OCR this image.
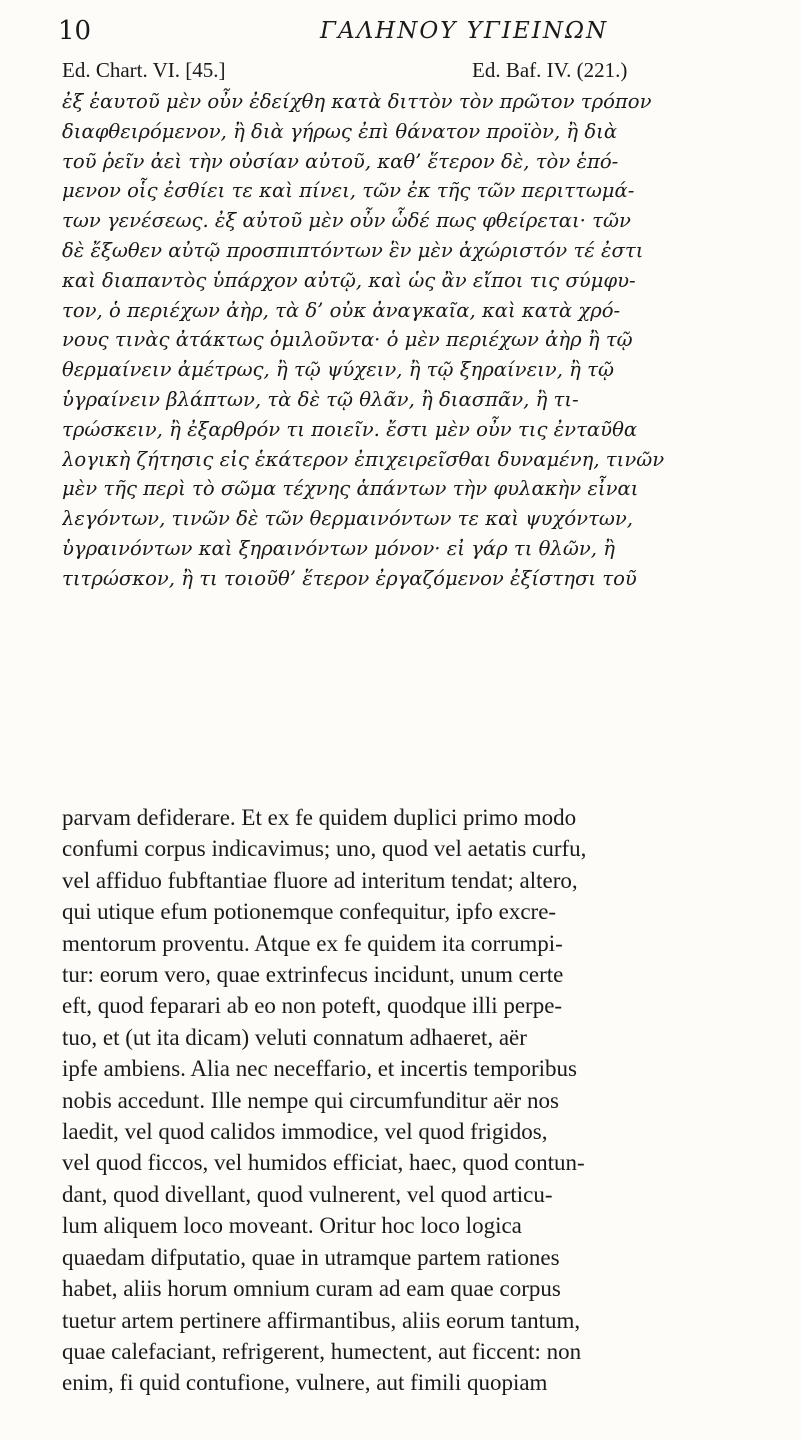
10	ΓΑΛΗΝΟΥ ΥΓΙΕΙΝΩΝ
Ed. Chart. VI. [45.]	Ed. Baf. IV. (221.)
ἐξ ἑαυτοῦ μὲν οὖν ἐδείχθη κατὰ διττὸν τὸν πρῶτον τρόπον
διαφθειρόμενον, ἢ διὰ γήρως ἐπὶ θάνατον προϊὸν, ἢ διὰ
τοῦ ῥεῖν ἀεὶ τὴν οὐσίαν αὐτοῦ, καθ’ ἕτερον δὲ, τὸν ἑπό-
μενον οἷς ἐσθίει τε καὶ πίνει, τῶν ἐκ τῆς τῶν περιττωμά-
των γενέσεως. ἐξ αὐτοῦ μὲν οὖν ὧδέ πως φθείρεται· τῶν
δὲ ἔξωθεν αὐτῷ προσπιπτόντων ἓν μὲν ἀχώριστόν τέ ἐστι
καὶ διαπαντὸς ὑπάρχον αὐτῷ, καὶ ὡς ἂν εἴποι τις σύμφυ-
τον, ὁ περιέχων ἀὴρ, τὰ δ’ οὐκ ἀναγκαῖα, καὶ κατὰ χρό-
νους τινὰς ἀτάκτως ὁμιλοῦντα· ὁ μὲν περιέχων ἀὴρ ἢ τῷ
θερμαίνειν ἀμέτρως, ἢ τῷ ψύχειν, ἢ τῷ ξηραίνειν, ἢ τῷ
ὑγραίνειν βλάπτων, τὰ δὲ τῷ θλᾶν, ἢ διασπᾶν, ἢ τι-
τρώσκειν, ἢ ἐξαρθρόν τι ποιεῖν. ἔστι μὲν οὖν τις ἐνταῦθα
λογικὴ ζήτησις εἰς ἑκάτερον ἐπιχειρεῖσθαι δυναμένη, τινῶν
μὲν τῆς περὶ τὸ σῶμα τέχνης ἁπάντων τὴν φυλακὴν εἶναι
λεγόντων, τινῶν δὲ τῶν θερμαινόντων τε καὶ ψυχόντων,
ὑγραινόντων καὶ ξηραινόντων μόνον· εἰ γάρ τι θλῶν, ἢ
τιτρώσκον, ἢ τι τοιοῦθ’ ἕτερον ἐργαζόμενον ἐξίστησι τοῦ
parvam defiderare. Et ex fe quidem duplici primo modo
confumi corpus indicavimus; uno, quod vel aetatis curfu,
vel affiduo fubftantiae fluore ad interitum tendat; altero,
qui utique efum potionemque confequitur, ipfo excre-
mentorum proventu. Atque ex fe quidem ita corrumpi-
tur: eorum vero, quae extrinfecus incidunt, unum certe
eft, quod feparari ab eo non poteft, quodque illi perpe-
tuo, et (ut ita dicam) veluti connatum adhaeret, aër
ipfe ambiens. Alia nec neceffario, et incertis temporibus
nobis accedunt. Ille nempe qui circumfunditur aër nos
laedit, vel quod calidos immodice, vel quod frigidos,
vel quod ficcos, vel humidos efficiat, haec, quod contun-
dant, quod divellant, quod vulnerent, vel quod articu-
lum aliquem loco moveant. Oritur hoc loco logica
quaedam difputatio, quae in utramque partem rationes
habet, aliis horum omnium curam ad eam quae corpus
tuetur artem pertinere affirmantibus, aliis eorum tantum,
quae calefaciant, refrigerent, humectent, aut ficcent: non
enim, fi quid contufione, vulnere, aut fimili quopiam
